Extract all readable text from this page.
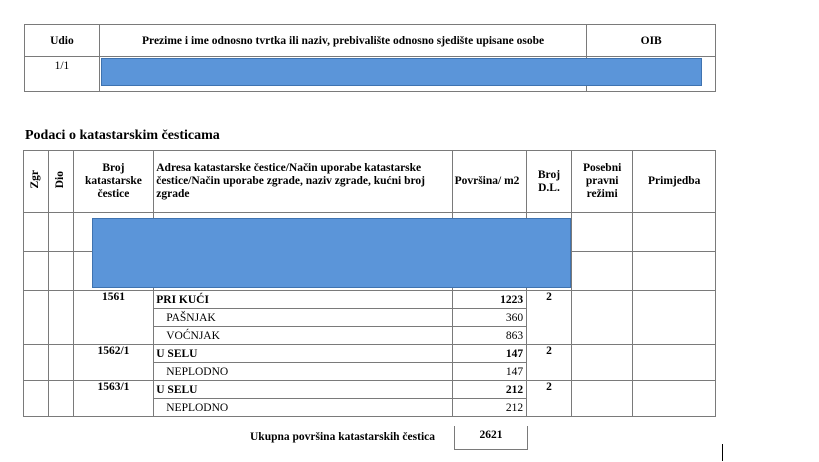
Udio	Prezime i ime odnosno tvrtka ili naziv, prebivalište odnosno sjedište upisane osobe	OIB
1/1		
Podaci o katastarskim česticama
Zgr	Dio	Broj katastarske čestice	Adresa katastarske čestice/Način uporabe katastarske čestice/Način uporabe zgrade, naziv zgrade, kućni broj zgrade	Površina/ m2	Broj D.L.	Posebni pravni režimi	Primjedba

		1561	PRI KUĆI	1223	2		
			PAŠNJAK	360			
			VOĆNJAK	863			
		1562/1	U SELU	147	2		
			NEPLODNO	147			
		1563/1	U SELU	212	2		
			NEPLODNO	212			
Ukupna površina katastarskih čestica	2621
